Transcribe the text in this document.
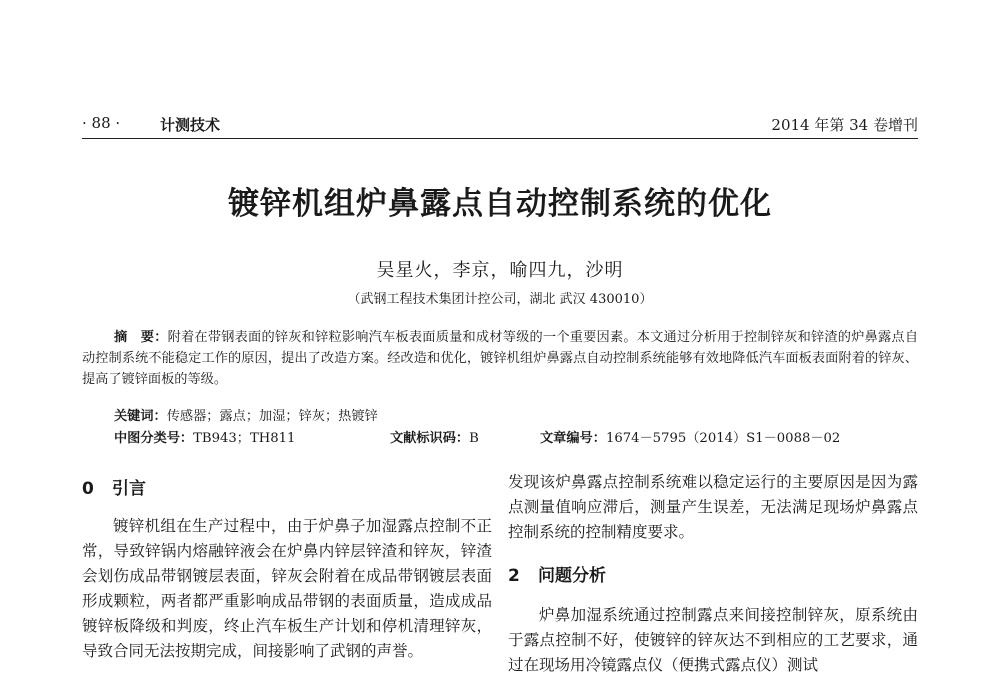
· 88 ·	计测技术	2014 年第 34 卷增刊
镀锌机组炉鼻露点自动控制系统的优化
吴星火，李京，喻四九，沙明
（武钢工程技术集团计控公司，湖北 武汉 430010）
摘　要：附着在带钢表面的锌灰和锌粒影响汽车板表面质量和成材等级的一个重要因素。本文通过分析用于控制锌灰和锌渣的炉鼻露点自动控制系统不能稳定工作的原因，提出了改造方案。经改造和优化，镀锌机组炉鼻露点自动控制系统能够有效地降低汽车面板表面附着的锌灰、提高了镀锌面板的等级。
关键词：传感器；露点；加湿；锌灰；热镀锌
中图分类号：TB943；TH811	文献标识码：B	文章编号：1674－5795（2014）S1－0088－02
0 引言

镀锌机组在生产过程中，由于炉鼻子加湿露点控制不正常，导致锌锅内熔融锌液会在炉鼻内锌层锌渣和锌灰，锌渣会划伤成品带钢镀层表面，锌灰会附着在成品带钢镀层表面形成颗粒，两者都严重影响成品带钢的表面质量，造成成品镀锌板降级和判废，终止汽车板生产计划和停机清理锌灰，导致合同无法按期完成，间接影响了武钢的声誉。

发现该炉鼻露点控制系统难以稳定运行的主要原因是因为露点测量值响应滞后，测量产生误差，无法满足现场炉鼻露点控制系统的控制精度要求。

2 问题分析

炉鼻加湿系统通过控制露点来间接控制锌灰，原系统由于露点控制不好，使镀锌的锌灰达不到相应的工艺要求，通过在现场用冷镜露点仪（便携式露点仪）测试
